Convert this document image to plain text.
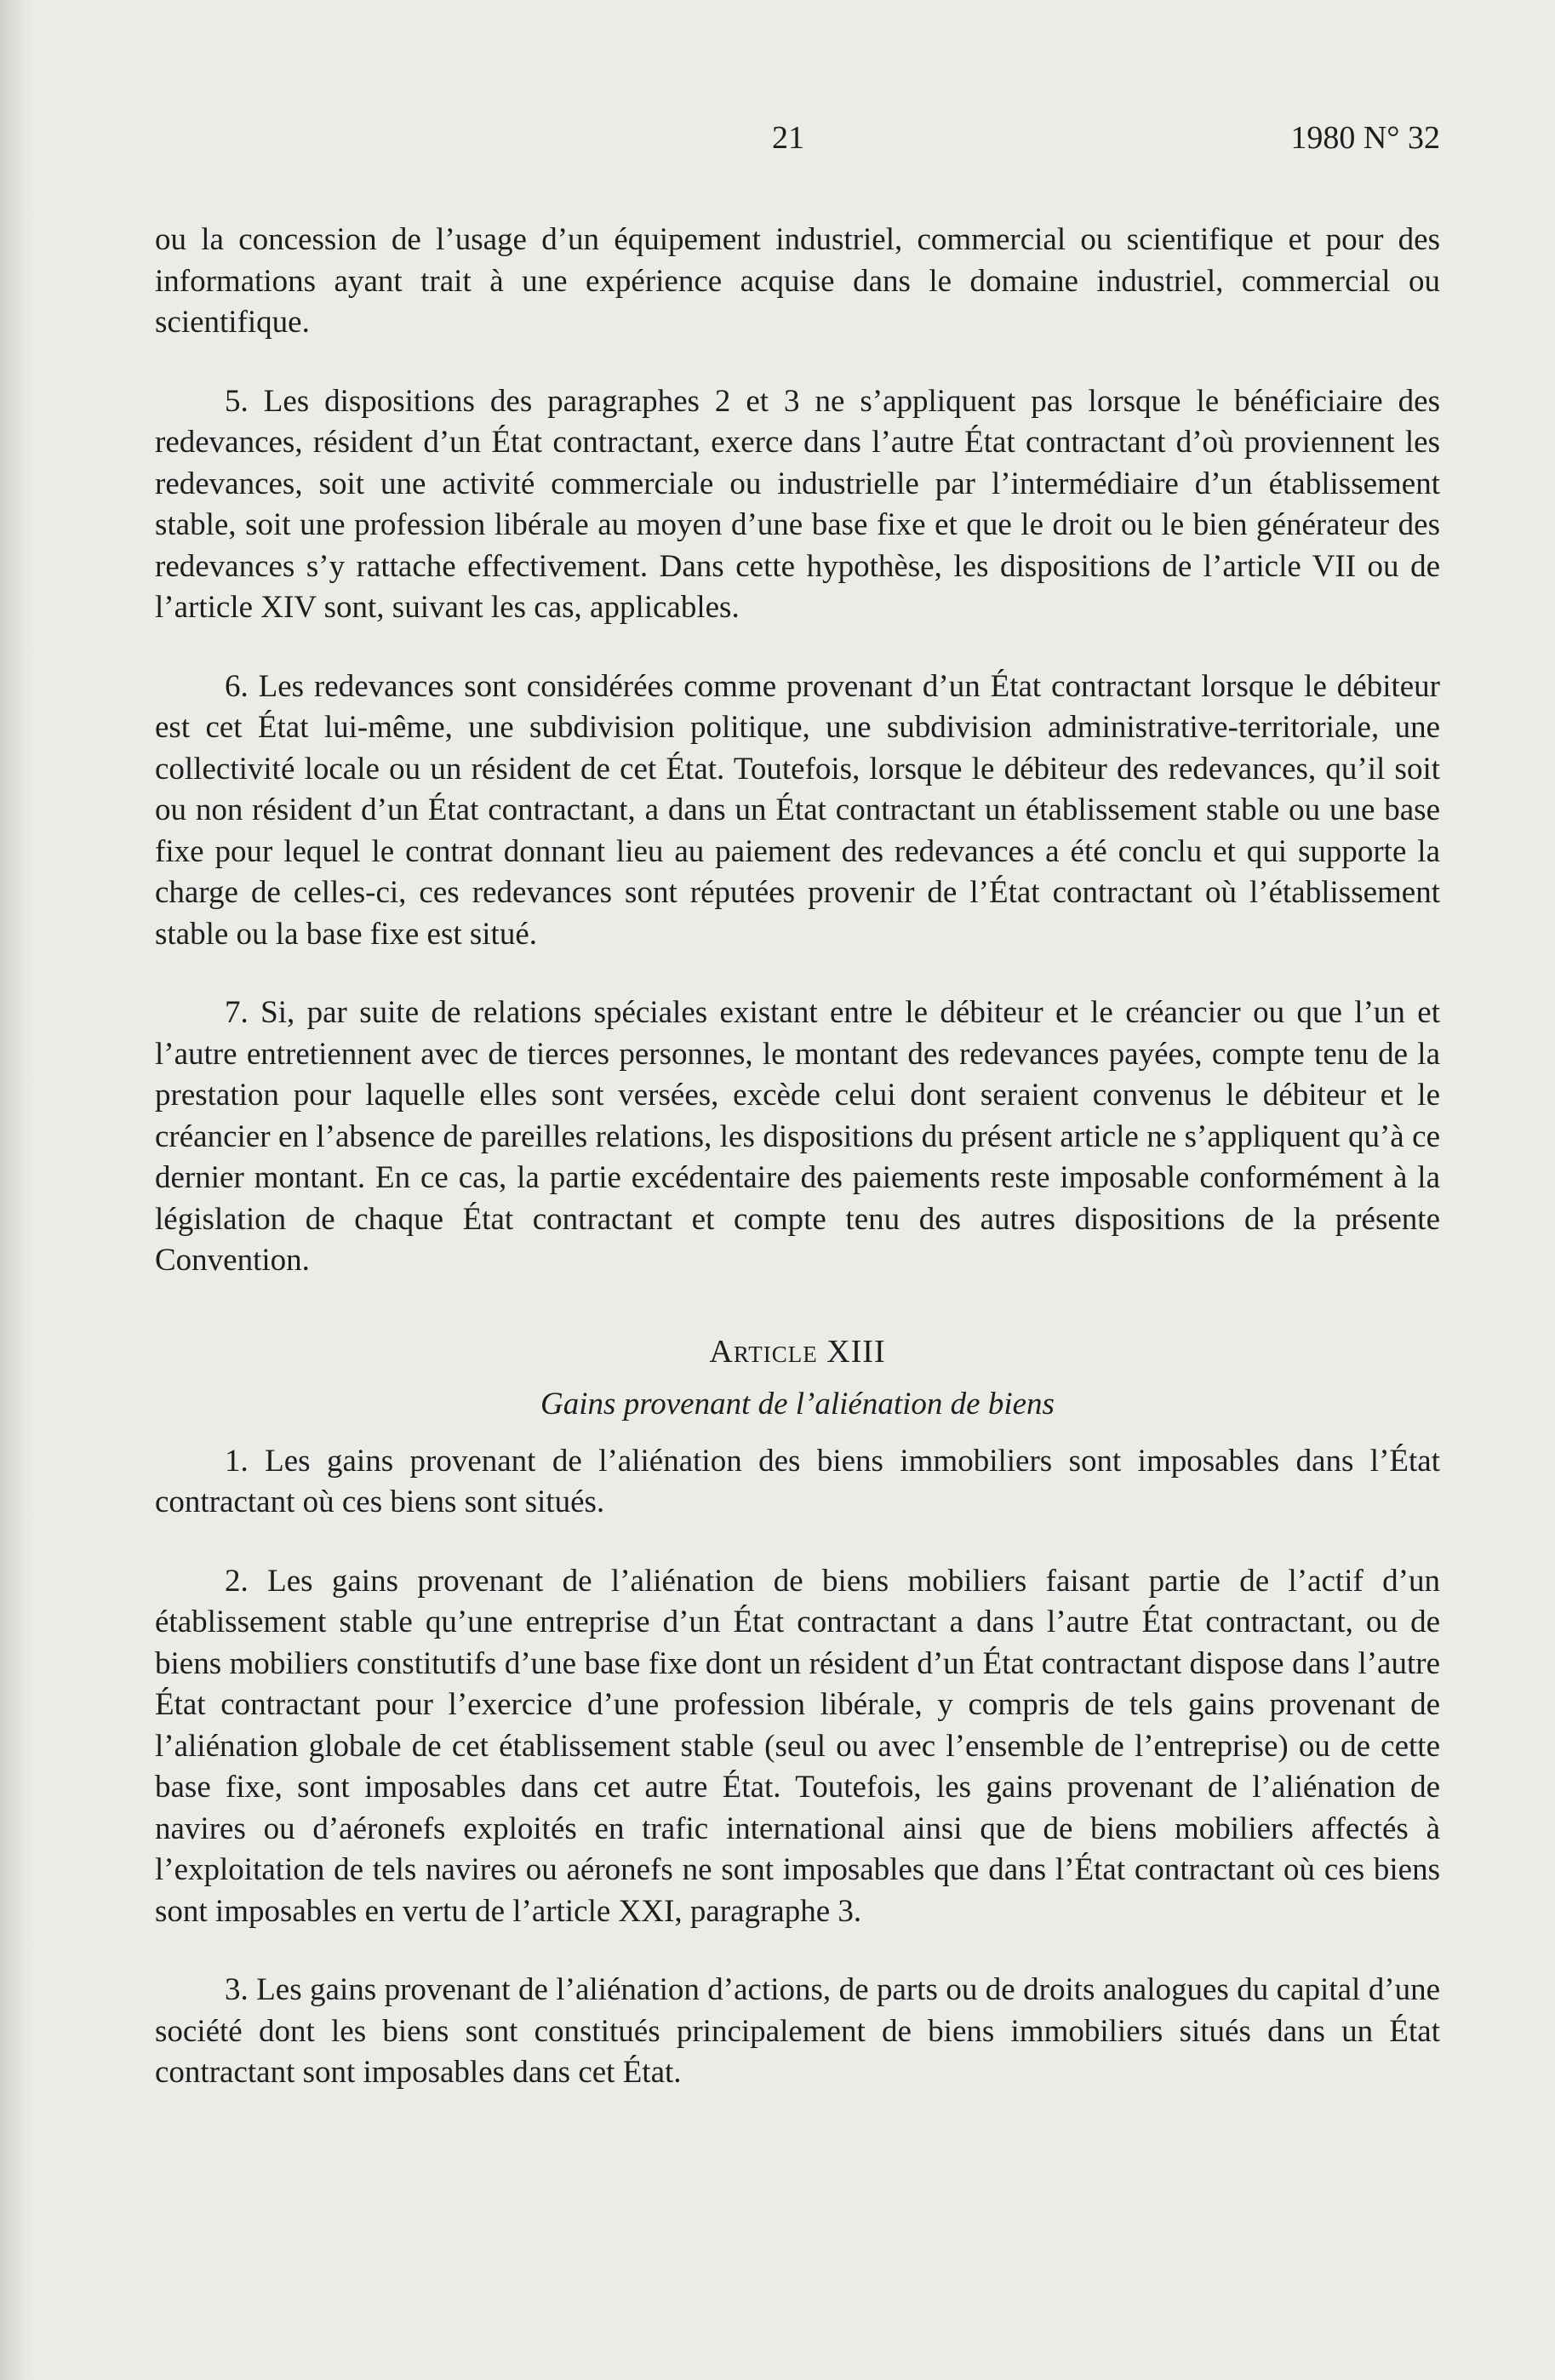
21	1980 N° 32

ou la concession de l’usage d’un équipement industriel, commercial ou scientifique et pour des informations ayant trait à une expérience acquise dans le domaine industriel, commercial ou scientifique.

5. Les dispositions des paragraphes 2 et 3 ne s’appliquent pas lorsque le bénéficiaire des redevances, résident d’un État contractant, exerce dans l’autre État contractant d’où proviennent les redevances, soit une activité commerciale ou industrielle par l’intermédiaire d’un établissement stable, soit une profession libérale au moyen d’une base fixe et que le droit ou le bien générateur des redevances s’y rattache effectivement. Dans cette hypothèse, les dispositions de l’article VII ou de l’article XIV sont, suivant les cas, applicables.

6. Les redevances sont considérées comme provenant d’un État contractant lorsque le débiteur est cet État lui-même, une subdivision politique, une subdivision administrative-territoriale, une collectivité locale ou un résident de cet État. Toutefois, lorsque le débiteur des redevances, qu’il soit ou non résident d’un État contractant, a dans un État contractant un établissement stable ou une base fixe pour lequel le contrat donnant lieu au paiement des redevances a été conclu et qui supporte la charge de celles-ci, ces redevances sont réputées provenir de l’État contractant où l’établissement stable ou la base fixe est situé.

7. Si, par suite de relations spéciales existant entre le débiteur et le créancier ou que l’un et l’autre entretiennent avec de tierces personnes, le montant des redevances payées, compte tenu de la prestation pour laquelle elles sont versées, excède celui dont seraient convenus le débiteur et le créancier en l’absence de pareilles relations, les dispositions du présent article ne s’appliquent qu’à ce dernier montant. En ce cas, la partie excédentaire des paiements reste imposable conformément à la législation de chaque État contractant et compte tenu des autres dispositions de la présente Convention.

Article XIII

Gains provenant de l’aliénation de biens

1. Les gains provenant de l’aliénation des biens immobiliers sont imposables dans l’État contractant où ces biens sont situés.

2. Les gains provenant de l’aliénation de biens mobiliers faisant partie de l’actif d’un établissement stable qu’une entreprise d’un État contractant a dans l’autre État contractant, ou de biens mobiliers constitutifs d’une base fixe dont un résident d’un État contractant dispose dans l’autre État contractant pour l’exercice d’une profession libérale, y compris de tels gains provenant de l’aliénation globale de cet établissement stable (seul ou avec l’ensemble de l’entreprise) ou de cette base fixe, sont imposables dans cet autre État. Toutefois, les gains provenant de l’aliénation de navires ou d’aéronefs exploités en trafic international ainsi que de biens mobiliers affectés à l’exploitation de tels navires ou aéronefs ne sont imposables que dans l’État contractant où ces biens sont imposables en vertu de l’article XXI, paragraphe 3.

3. Les gains provenant de l’aliénation d’actions, de parts ou de droits analogues du capital d’une société dont les biens sont constitués principalement de biens immobiliers situés dans un État contractant sont imposables dans cet État.
